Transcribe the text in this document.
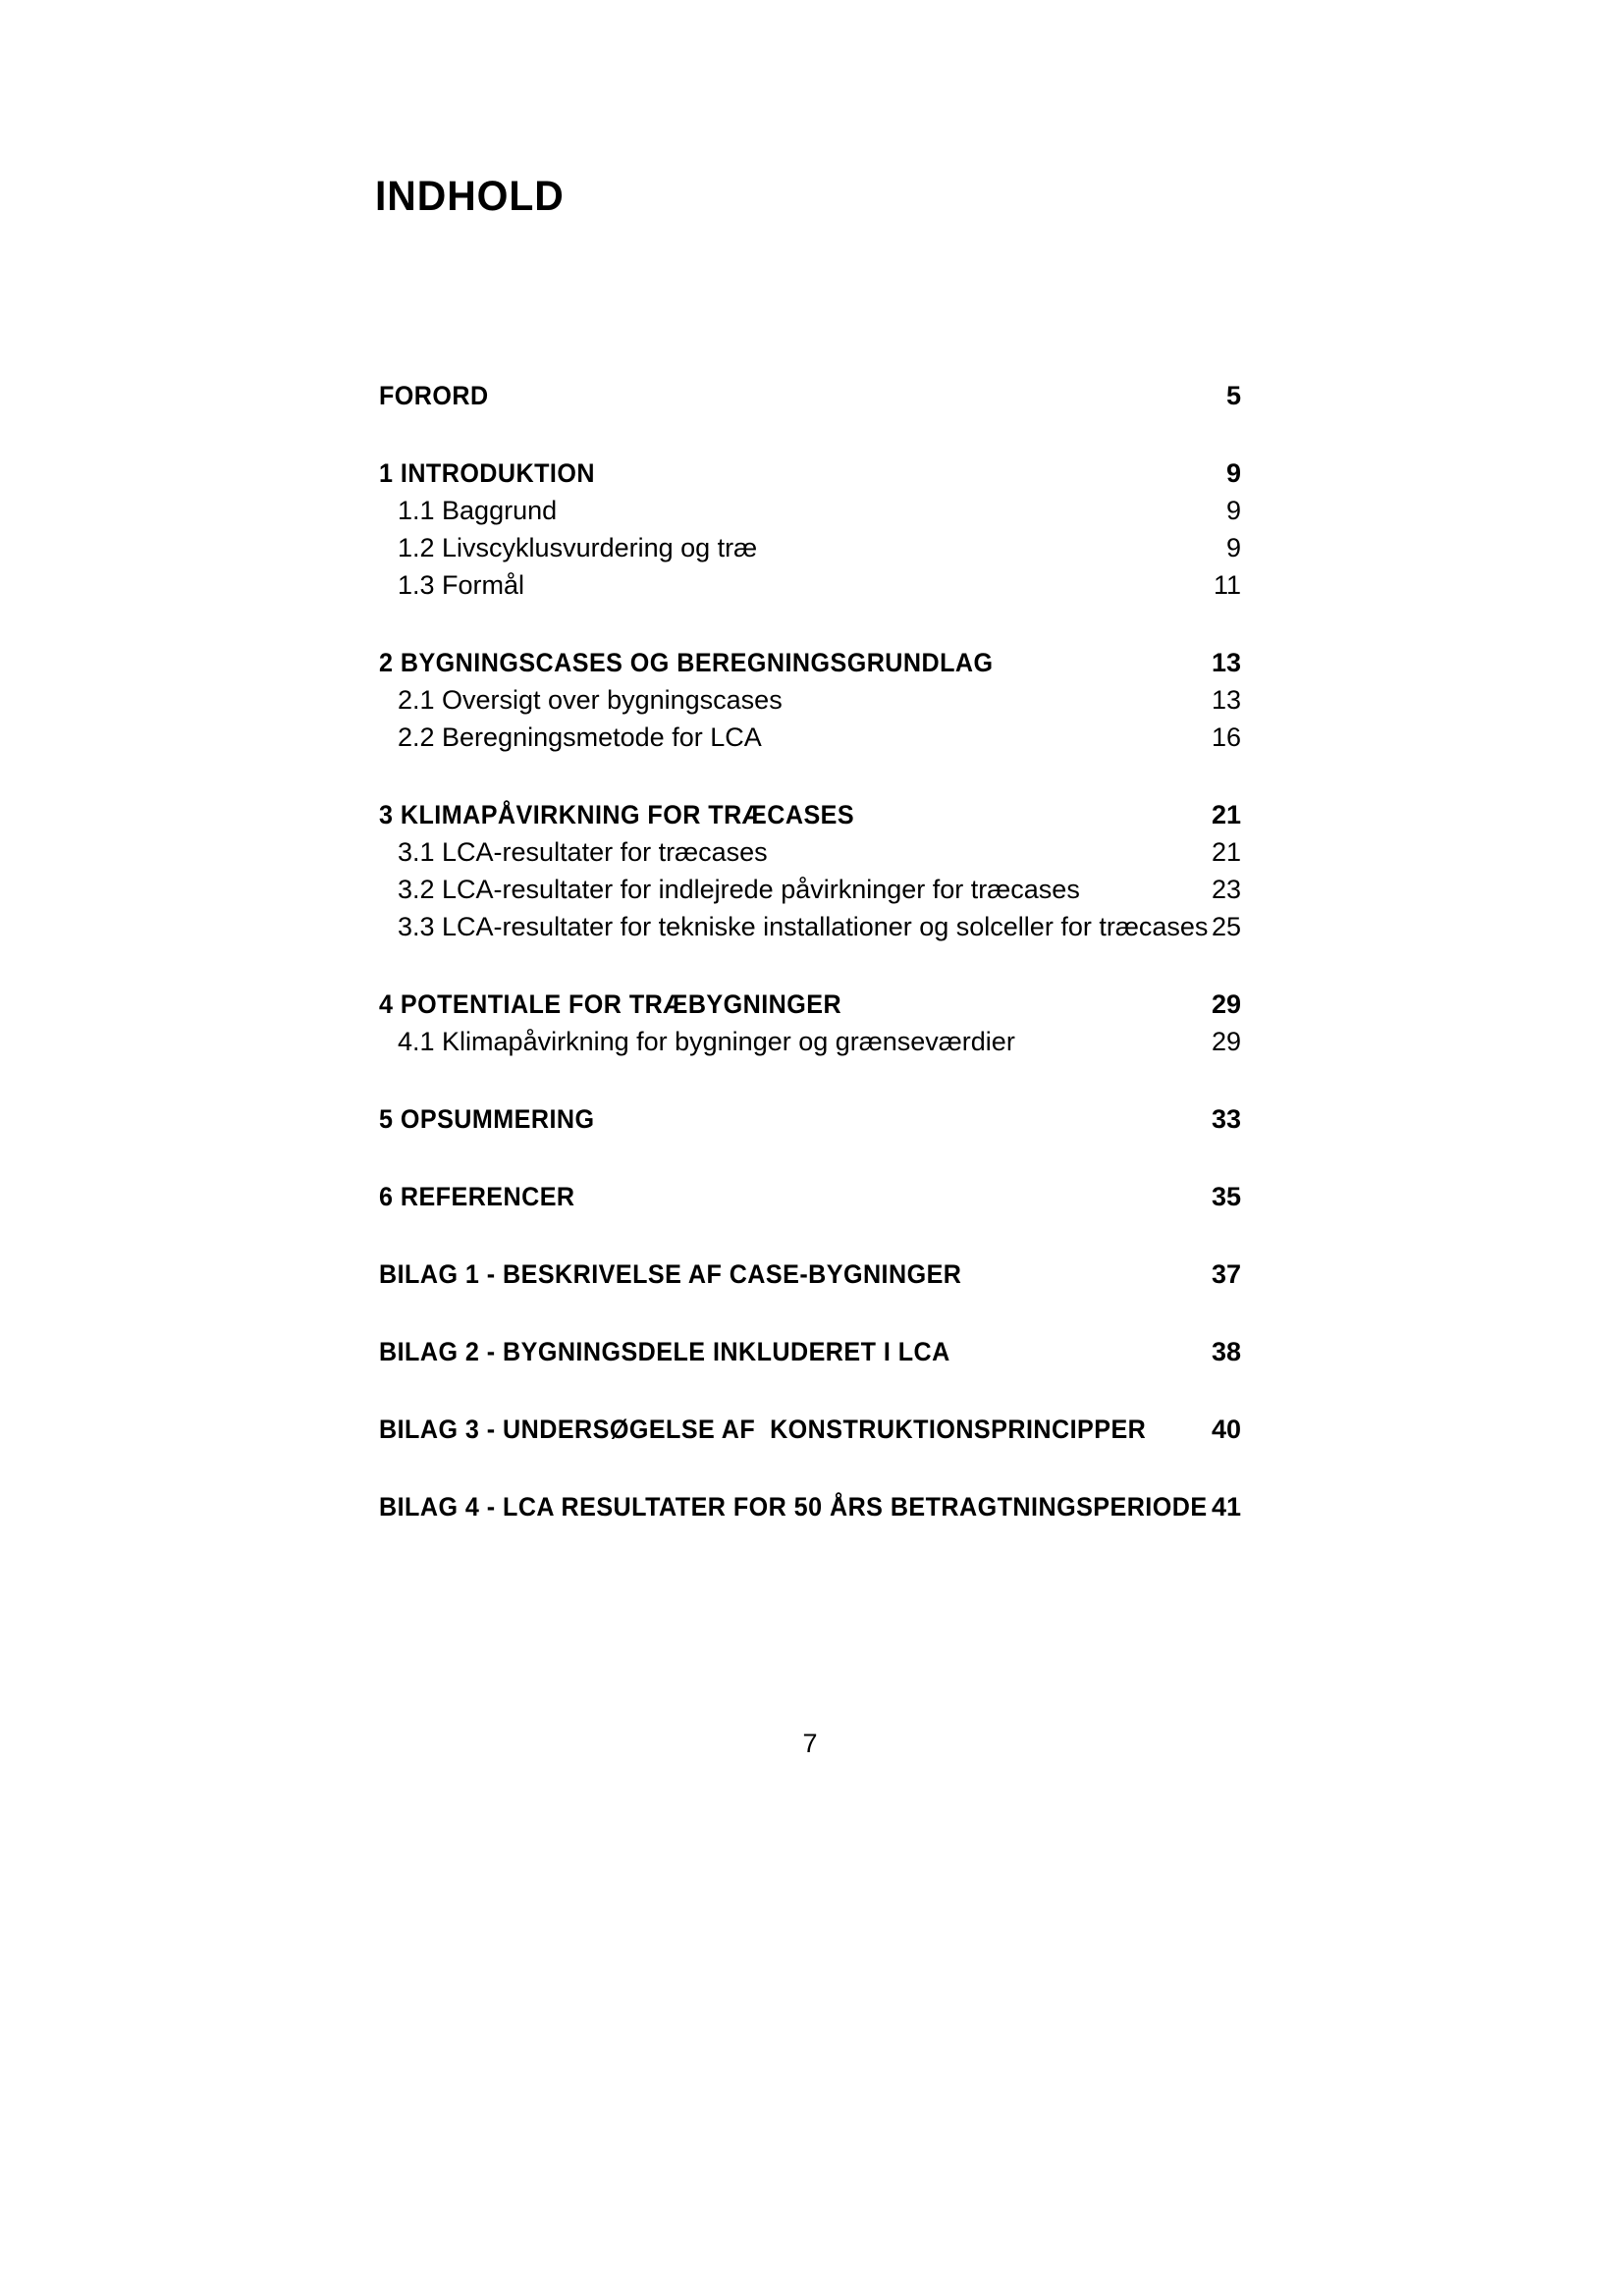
INDHOLD
FORORD	5
1 INTRODUKTION	9
1.1 Baggrund	9
1.2 Livscyklusvurdering og træ	9
1.3 Formål	11
2 BYGNINGSCASES OG BEREGNINGSGRUNDLAG	13
2.1 Oversigt over bygningscases	13
2.2 Beregningsmetode for LCA	16
3 KLIMAPÅVIRKNING FOR TRÆCASES	21
3.1 LCA-resultater for træcases	21
3.2 LCA-resultater for indlejrede påvirkninger for træcases	23
3.3 LCA-resultater for tekniske installationer og solceller for træcases 25
4 POTENTIALE FOR TRÆBYGNINGER	29
4.1 Klimapåvirkning for bygninger og grænseværdier	29
5 OPSUMMERING	33
6 REFERENCER	35
BILAG 1 - BESKRIVELSE AF CASE-BYGNINGER	37
BILAG 2 - BYGNINGSDELE INKLUDERET I LCA	38
BILAG 3 - UNDERSØGELSE AF  KONSTRUKTIONSPRINCIPPER 40
BILAG 4 - LCA RESULTATER FOR 50 ÅRS BETRAGTNINGSPERIODE 41
7
